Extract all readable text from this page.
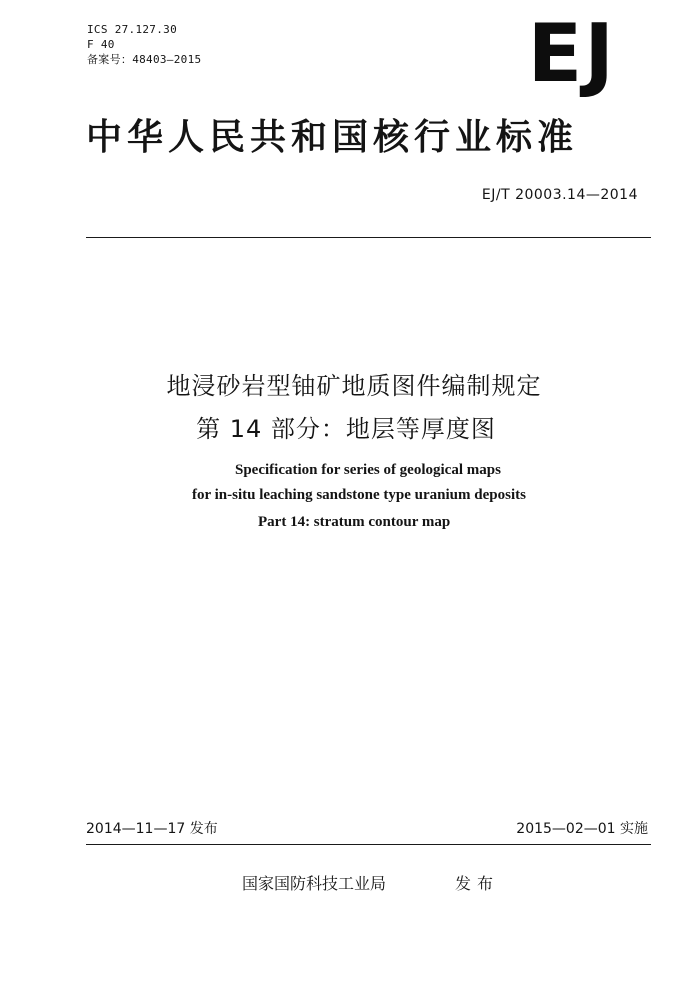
ICS 27.127.30
F 40
备案号：48403—2015	EJ
中华人民共和国核行业标准
EJ/T 20003.14—2014
地浸砂岩型铀矿地质图件编制规定
第 14 部分：地层等厚度图
Specification for series of geological maps
for in-situ leaching sandstone type uranium deposits
Part 14: stratum contour map
2014—11—17 发布	2015—02—01 实施
国家国防科技工业局	发布
